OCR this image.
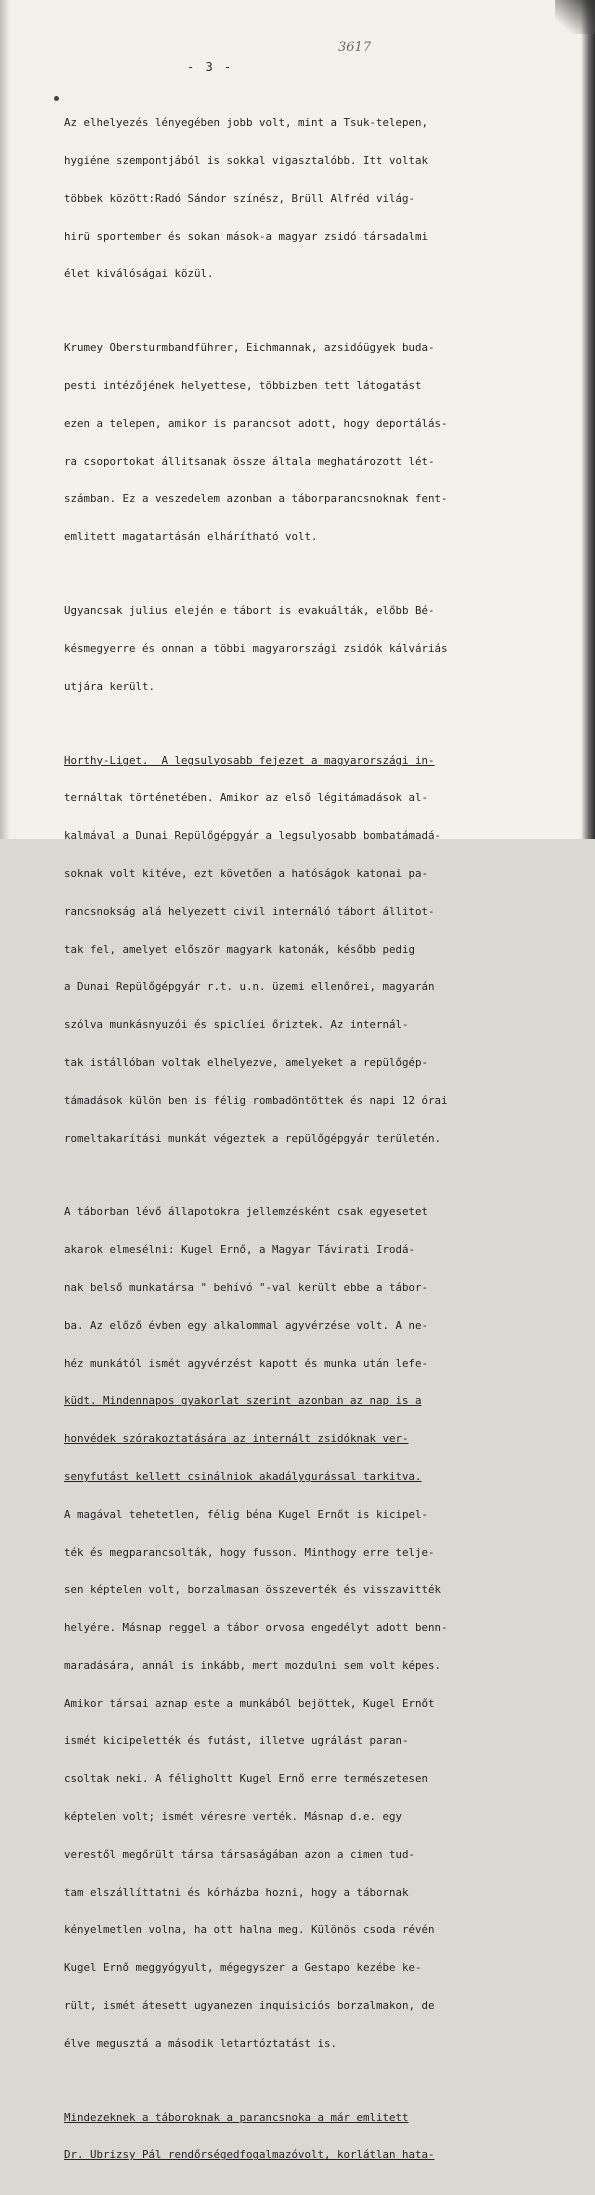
3617
- 3 -

Az elhelyezés lényegében jobb volt, mint a Tsuk-telepen,

hygiéne szempontjából is sokkal vigasztalóbb. Itt voltak

többek között:Radó Sándor színész, Brüll Alfréd világ-

hirü sportember és sokan mások-a magyar zsidó társadalmi

élet kiválóságai közül.

Krumey Obersturmbandführer, Eichmannak, azsidóügyek buda-

pesti intézőjének helyettese, többizben tett látogatást

ezen a telepen, amikor is parancsot adott, hogy deportálás-

ra csoportokat állitsanak össze általa meghatározott lét-

számban. Ez a veszedelem azonban a táborparancsnoknak fent-

emlitett magatartásán elhárítható volt.

Ugyancsak julius elején e tábort is evakuálták, előbb Bé-

késmegyerre és onnan a többi magyarországi zsidók kálváriás

utjára került.

Horthy-Liget.  A legsulyosabb fejezet a magyarországi in-

ternáltak történetében. Amikor az első légitámadások al-

kalmával a Dunai Repülőgépgyár a legsulyosabb bombatámadá-

soknak volt kitéve, ezt követően a hatóságok katonai pa-

rancsnokság alá helyezett civil internáló tábort állitot-

tak fel, amelyet először magyark katonák, később pedig

a Dunai Repülőgépgyár r.t. u.n. üzemi ellenőrei, magyarán

szólva munkásnyuzói és spiclíei őriztek. Az internál-

tak istállóban voltak elhelyezve, amelyeket a repülőgép-

támadások külön ben is félig rombadöntöttek és napi 12 órai

romeltakarítási munkát végeztek a repülőgépgyár területén.

A táborban lévő állapotokra jellemzésként csak egyesetet

akarok elmesélni: Kugel Ernő, a Magyar Távirati Irodá-

nak belső munkatársa " behívó "-val került ebbe a tábor-

ba. Az előző évben egy alkalommal agyvérzése volt. A ne-

héz munkától ismét agyvérzést kapott és munka után lefe-

küdt. Mindennapos gyakorlat szerint azonban az nap is a

honvédek szórakoztatására az internált zsidóknak ver-

senyfutást kellett csinálniok akadálygurással tarkitva.

A magával tehetetlen, félig béna Kugel Ernőt is kicipel-

ték és megparancsolták, hogy fusson. Minthogy erre telje-

sen képtelen volt, borzalmasan összeverték és visszavitték

helyére. Másnap reggel a tábor orvosa engedélyt adott benn-

maradására, annál is inkább, mert mozdulni sem volt képes.

Amikor társai aznap este a munkából bejöttek, Kugel Ernőt

ismét kicipelették és futást, illetve ugrálást paran-

csoltak neki. A féligholtt Kugel Ernő erre természetesen

képtelen volt; ismét véresre verték. Másnap d.e. egy

verestől megőrült társa társaságában azon a cimen tud-

tam elszállíttatni és kórházba hozni, hogy a tábornak

kényelmetlen volna, ha ott halna meg. Különös csoda révén

Kugel Ernő meggyógyult, mégegyszer a Gestapo kezébe ke-

rült, ismét átesett ugyanezen inquisiciós borzalmakon, de

élve megusztá a második letartóztatást is.

Mindezeknek a táboroknak a parancsnoka a már emlitett

Dr. Ubrizsy Pál rendőrségedfogalmazóvolt, korlátlan hata-
